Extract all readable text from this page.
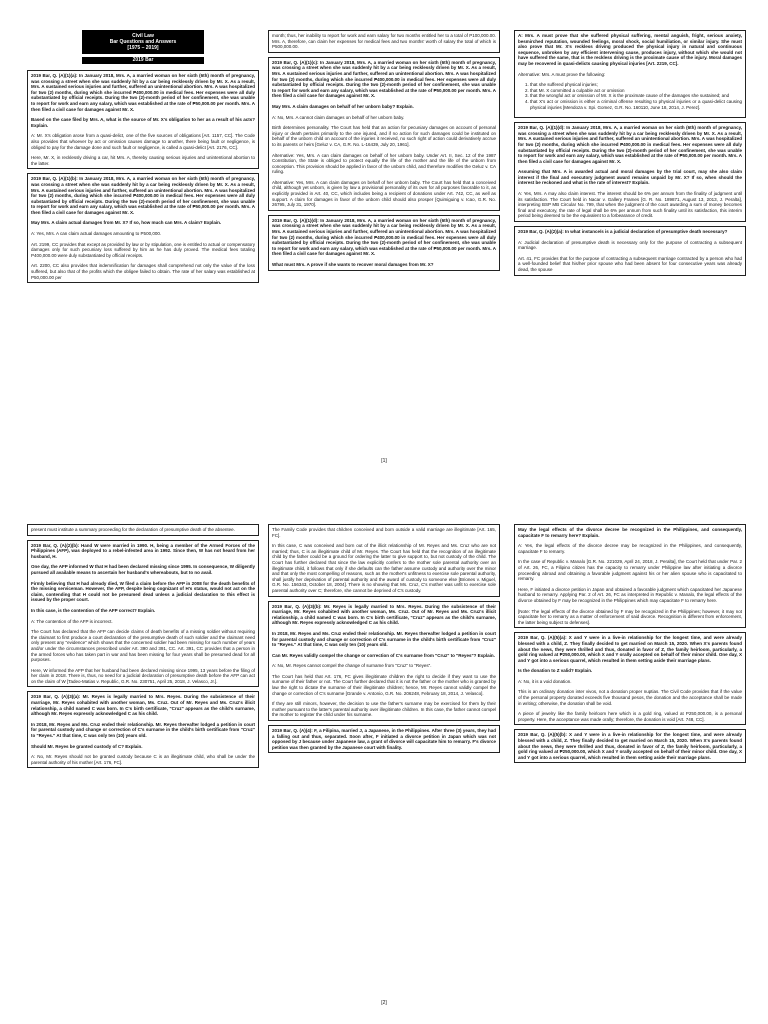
Civil Law
Bar Questions and Answers
[1975 – 2019]
2019 Bar

2019 Bar, Q. (A)(1)(a): In January 2018, Mrs. A, a married woman on her sixth (6th) month of pregnancy, was crossing a street when she was suddenly hit by a car being recklessly driven by Mr. X. As a result, Mrs. A sustained serious injuries and further, suffered an unintentional abortion. Mrs. A was hospitalized for two (2) months, during which she incurred ₱400,000.00 in medical fees. Her expenses were all duly substantiated by official receipts. During the two (2)-month period of her confinement, she was unable to report for work and earn any salary, which was established at the rate of ₱50,000.00 per month. Mrs. A then filed a civil case for damages against Mr. X.

Based on the case filed by Mrs. A, what is the source of Mr. X's obligation to her as a result of his acts? Explain.

A: Mr. X's obligation arose from a quasi-delict, one of the five sources of obligations [Art. 1157, CC]. The Code also provides that whoever by act or omission causes damage to another, there being fault or negligence, is obliged to pay for the damage done and such fault or negligence, is called a quasi-delict [Art. 2176, CC].

Here, Mr. X, in recklessly driving a car, hit Mrs. A, thereby causing serious injuries and unintentional abortion to the latter.

2019 Bar, Q. (A)(1)(b): In January 2018, Mrs. A, a married woman on her sixth (6th) month of pregnancy, was crossing a street when she was suddenly hit by a car being recklessly driven by Mr. X. As a result, Mrs. A sustained serious injuries and further, suffered an unintentional abortion. Mrs. A was hospitalized for two (2) months, during which she incurred ₱400,000.00 in medical fees. Her expenses were all duly substantiated by official receipts. During the two (2)-month period of her confinement, she was unable to report for work and earn any salary, which was established at the rate of ₱50,000.00 per month. Mrs. A then filed a civil case for damages against Mr. X.

May Mrs. A claim actual damages from Mr. X? If so, how much can Mrs. A claim? Explain.

A: Yes, Mrs. A can claim actual damages amounting to P500,000.

Art. 2199, CC provides that except as provided by law or by stipulation, one is entitled to actual or compensatory damages only for such pecuniary loss suffered by him as he has duly proved. The medical fees totaling P400,000.00 were duly substantiated by official receipts.

Art. 2200, CC also provides that indemnification for damages shall comprehend not only the value of the loss suffered, but also that of the profits which the obligee failed to obtain. The rate of her salary was established at P50,000.00 per

month; thus, her inability to report for work and earn salary for two months entitled her to a total of P100,000.00. Mrs. A, therefore, can claim her expenses for medical fees and two months' worth of salary the total of which is P500,000.00.

2019 Bar, Q. (A)(1)(c): In January 2018, Mrs. A, a married woman on her sixth (6th) month of pregnancy, was crossing a street when she was suddenly hit by a car being recklessly driven by Mr. X. As a result, Mrs. A sustained serious injuries and further, suffered an unintentional abortion. Mrs. A was hospitalized for two (2) months, during which she incurred ₱400,000.00 in medical fees. Her expenses were all duly substantiated by official receipts. During the two (2)-month period of her confinement, she was unable to report for work and earn any salary, which was established at the rate of ₱50,000.00 per month. Mrs. A then filed a civil case for damages against Mr. X.

May Mrs. A claim damages on behalf of her unborn baby? Explain.

A: No, Mrs. A cannot claim damages on behalf of her unborn baby.

Birth determines personality. The Court has held that an action for pecuniary damages on account of personal injury or death pertains primarily to the one injured, and if no action for such damages could be instituted on behalf of the unborn child on account of the injuries it received, no such right of action could derivatively accrue to its parents or heirs [Geluz v. CA, G.R. No. L-16439, July 20, 1961].

Alternative: Yes, Mrs. A can claim damages on behalf of her unborn baby. Under Art. II, Sec. 12 of the 1987 Constitution, the State is obliged to protect equally the life of the mother and the life of the unborn from conception. This provision should be applied in favor of the unborn child, and therefore modifies the Geluz v. CA ruling.

Alternative: Yes, Mrs. A can claim damages on behalf of her unborn baby. The Court has held that a conceived child, although yet unborn, is given by law a provisional personality of its own for all purposes favorable to it, as explicitly provided in Art. 40, CC, which includes being a recipient of donations under Art. 742, CC, as well as support. A claim for damages in favor of the unborn child should also prosper [Quimiguing v. Icao, G.R. No. 26795, July 31, 1970].

2019 Bar, Q. (A)(1)(d): In January 2018, Mrs. A, a married woman on her sixth (6th) month of pregnancy, was crossing a street when she was suddenly hit by a car being recklessly driven by Mr. X. As a result, Mrs. A sustained serious injuries and further, suffered an unintentional abortion. Mrs. A was hospitalized for two (2) months, during which she incurred ₱400,000.00 in medical fees. Her expenses were all duly substantiated by official receipts. During the two (2)-month period of her confinement, she was unable to report for work and earn any salary, which was established at the rate of ₱50,000.00 per month. Mrs. A then filed a civil case for damages against Mr. X.

What must Mrs. A prove if she wants to recover moral damages from Mr. X?

A: Mrs. A must prove that she suffered physical suffering, mental anguish, fright, serious anxiety, besmirched reputation, wounded feelings, moral shock, social humiliation, or similar injury. She must also prove that Mr. X's reckless driving produced the physical injury in natural and continuous sequence, unbroken by any efficient intervening cause, produces injury, without which she would not have suffered the same, that is the reckless driving is the proximate cause of the injury. Moral damages may be recovered in quasi-delicts causing physical injuries [Art. 2219, CC].

Alternative: Mrs. A must prove the following:

1. that she suffered physical injuries;
2. that Mr. X committed a culpable act or omission
3. that the wrongful act or omission of Mr. X is the proximate cause of the damages she sustained; and
4. that X's act or omission is either a criminal offense resulting to physical injuries or a quasi-delict causing physical injuries [Mendoza v. Spi. Gomez, G.R. No. 160110, June 18, 2014, J. Perez].

2019 Bar, Q. (A)(1)(d): In January 2018, Mrs. A, a married woman on her sixth (6th) month of pregnancy, was crossing a street when she was suddenly hit by a car being recklessly driven by Mr. X. As a result, Mrs. A sustained serious injuries and further, suffered an unintentional abortion. Mrs. A was hospitalized for two (2) months, during which she incurred ₱400,000.00 in medical fees. Her expenses were all duly substantiated by official receipts. During the two (2)-month period of her confinement, she was unable to report for work and earn any salary, which was established at the rate of ₱50,000.00 per month. Mrs. A then filed a civil case for damages against Mr. X.

Assuming that Mrs. A is awarded actual and moral damages by the trial court, may she also claim interest if the final and executory judgment award remains unpaid by Mr. X? If so, when should the interest be reckoned and what is the rate of interest? Explain.

A: Yes, Mrs. A may also claim interest. The interest should be 6% per annum from the finality of judgment until its satisfaction. The Court held in Nacar v. Gallery Frames [G. R. No. 189871, August 13, 2013, J. Peralta], interpreting BSP MB Circular No. 799, that when the judgment of the court awarding a sum of money becomes final and executory, the rate of legal shall be 6% per annum from such finality until its satisfaction, this interim period being deemed to be the equivalent to a forbearance of credit.

2019 Bar, Q. (A)(2)(a): In what instance/s is a judicial declaration of presumptive death necessary?

A: Judicial declaration of presumptive death is necessary only for the purpose of contracting a subsequent marriage.

Art. 41, FC provides that for the purpose of contracting a subsequent marriage contracted by a person who had a well-founded belief that his/her prior spouse who had been absent for four consecutive years was already dead, the spouse

[1]

present must institute a summary proceeding for the declaration of presumptive death of the absentee.

2019 Bar, Q. (A)(2)(b): Hand W were married in 1990. H, being a member of the Armed Forces of the Philippines (AFP), was deployed to a rebel-infested area in 1992. Since then, W has not heard from her husband, H.

One day, the AFP informed W that H had been declared missing since 1995. In consequence, W diligently pursued all available means to ascertain her husband's whereabouts, but to no avail.

Firmly believing that H had already died, W filed a claim before the AFP in 2008 for the death benefits of the missing serviceman. However, the AFP, despite being cognizant of H's status, would not act on the claim, contending that H could not be presumed dead unless a judicial declaration to this effect is issued by the proper court.

In this case, is the contention of the AFP correct? Explain.

A: The contention of the AFP is incorrect.

The Court has declared that the AFP can decide claims of death benefits of a missing soldier without requiring the claimant to first produce a court declaration of the presumptive death of such soldier and the claimant need only present any "evidence" which shows that the concerned soldier had been missing for such number of years and/or under the circumstances prescribed under Art. 390 and 391, CC. Art. 391, CC provides that a person in the armed forces who has taken part in war and has been missing for four years shall be presumed dead for all purposes.

Here, W informed the AFP that her husband had been declared missing since 1995, 13 years before the filing of her claim in 2018. There is, thus, no need for a judicial declaration of presumptive death before the AFP can act on the claim of W [Tadeo-Matias v. Republic, G.R. No. 230751, April 25, 2018, J. Velasco, Jr.].

2019 Bar, Q. (A)(3)(a): Mr. Reyes is legally married to Mrs. Reyes. During the subsistence of their marriage, Mr. Reyes cohabited with another woman, Ms. Cruz. Out of Mr. Reyes and Ms. Cruz's illicit relationship, a child named C was born. In C's birth certificate, "Cruz" appears as the child's surname, although Mr. Reyes expressly acknowledged C as his child.

In 2018, Mr. Reyes and Ms. Cruz ended their relationship. Mr. Reyes thereafter lodged a petition in court for parental custody and change or correction of C's surname in the child's birth certificate from "Cruz" to "Reyes." At that time, C was only ten (10) years old.

Should Mr. Reyes be granted custody of C? Explain.

A: No, Mr. Reyes should not be granted custody because C is an illegitimate child, who shall be under the parental authority of his mother [Art. 176, FC].

The Family Code provides that children conceived and born outside a valid marriage are illegitimate [Art. 165, FC].

In this case, C was conceived and born out of the illicit relationship of Mr. Reyes and Ms. Cruz who are not married; thus, C is an illegitimate child of Mr. Reyes. The Court has held that the recognition of an illegitimate child by the father could be a ground for ordering the latter to give support to, but not custody of the child. The Court has further declared that since the law explicitly confers to the mother sole parental authority over an illegitimate child, it follows that only if she defaults can the father assume custody and authority over the minor and that only the most compelling of reasons, such as the mother's unfitness to exercise sole parental authority, shall justify her deprivation of parental authority and the award of custody to someone else [Briones v. Miguel, G.R. No. 156343, October 18, 2004]. There is no showing that Ms. Cruz, C's mother was unfit to exercise sole parental authority over C; therefore, she cannot be deprived of C's custody.

2019 Bar, Q. (A)(3)(b): Mr. Reyes is legally married to Mrs. Reyes. During the subsistence of their marriage, Mr. Reyes cohabited with another woman, Ms. Cruz. Out of Mr. Reyes and Ms. Cruz's illicit relationship, a child named C was born. In C's birth certificate, "Cruz" appears as the child's surname, although Mr. Reyes expressly acknowledged C as his child.

In 2018, Mr. Reyes and Ms. Cruz ended their relationship. Mr. Reyes thereafter lodged a petition in court for parental custody and change or correction of C's surname in the child's birth certificate from "Cruz" to "Reyes." At that time, C was only ten (10) years old.

Can Mr. Reyes validly compel the change or correction of C's surname from "Cruz" to "Reyes"? Explain.

A: No, Mr. Reyes cannot compel the change of surname from "Cruz" to "Reyes".

The Court has held that Art. 176, FC gives illegitimate children the right to decide if they want to use the surname of their father or not. The Court further declared that it is not the father or the mother who is granted by law the right to dictate the surname of their illegitimate children; hence, Mr. Reyes cannot validly compel the change or correction of C's surname [Grande v. Antonio, G.R. No. 206248, February 18, 2014, J. Velasco].

If they are still minors, however, the decision to use the father's surname may be exercised for them by their mother pursuant to the latter's parental authority over illegitimate children. In this case, the father cannot compel the mother to register the child under his surname.

2019 Bar, Q. (A)(4): F, a Filipina, married J, a Japanese, in the Philippines. After three (3) years, they had a falling out and thus, separated. Soon after, F initiated a divorce petition in Japan which was not opposed by J because under Japanese law, a grant of divorce will capacitate him to remarry. F's divorce petition was then granted by the Japanese court with finality.

May the legal effects of the divorce decree be recognized in the Philippines, and consequently, capacitate F to remarry here? Explain.

A: Yes, the legal effects of the divorce decree may be recognized in the Philippines, and consequently, capacitate F to remarry.

In the case of Republic v. Manalo [G.R. No. 221029, April 24, 2018, J. Peralta], the Court held that under Par. 2 of Art. 26, FC, a Filipino citizen has the capacity to remarry under Philippine law after initiating a divorce proceeding abroad and obtaining a favorable judgment against his or her alien spouse who is capacitated to remarry.

Here, F initiated a divorce petition in Japan and obtained a favorable judgment which capacitated her Japanese husband to remarry. Applying Par. 2 of Art. 26, FC as interpreted in Republic v. Manalo, the legal effects of the divorce obtained by F may be recognized in the Philippines which may capacitate F to remarry here.

[Note: The legal effects of the divorce obtained by F may be recognized in the Philippines; however, it may not capacitate her to remarry as a matter of enforcement of said divorce. Recognition is different from enforcement, the latter being subject to defenses].

2019 Bar, Q. (A)(5)(a): X and Y were in a live-in relationship for the longest time, and were already blessed with a child, Z. They finally decided to get married on March 15, 2020. When X's parents found about the news, they were thrilled and thus, donated in favor of Z, the family heirloom, particularly, a gold ring valued at ₱250,000.00, which X and Y orally accepted on behalf of their minor child. One day, X and Y got into a serious quarrel, which resulted in them setting aside their marriage plans.

Is the donation to Z valid? Explain.

A: No, it is a void donation.

This is an ordinary donation inter vivos, not a donation proper nuptias. The Civil Code provides that if the value of the personal property donated exceeds five thousand pesos, the donation and the acceptance shall be made in writing; otherwise, the donation shall be void.

A piece of jewelry like the family heirloom here which is a gold ring, valued at P250,000.00, is a personal property. Here, the acceptance was made orally; therefore, the donation is void [Art. 748, CC].

2019 Bar, Q. (A)(5)(b): X and Y were in a live-in relationship for the longest time, and were already blessed with a child, Z. They finally decided to get married on March 15, 2020. When X's parents found about the news, they were thrilled and thus, donated in favor of Z, the family heirloom, particularly, a gold ring valued at ₱250,000.00, which X and Y orally accepted on behalf of their minor child. One day, X and Y got into a serious quarrel, which resulted in them setting aside their marriage plans.

[2]
